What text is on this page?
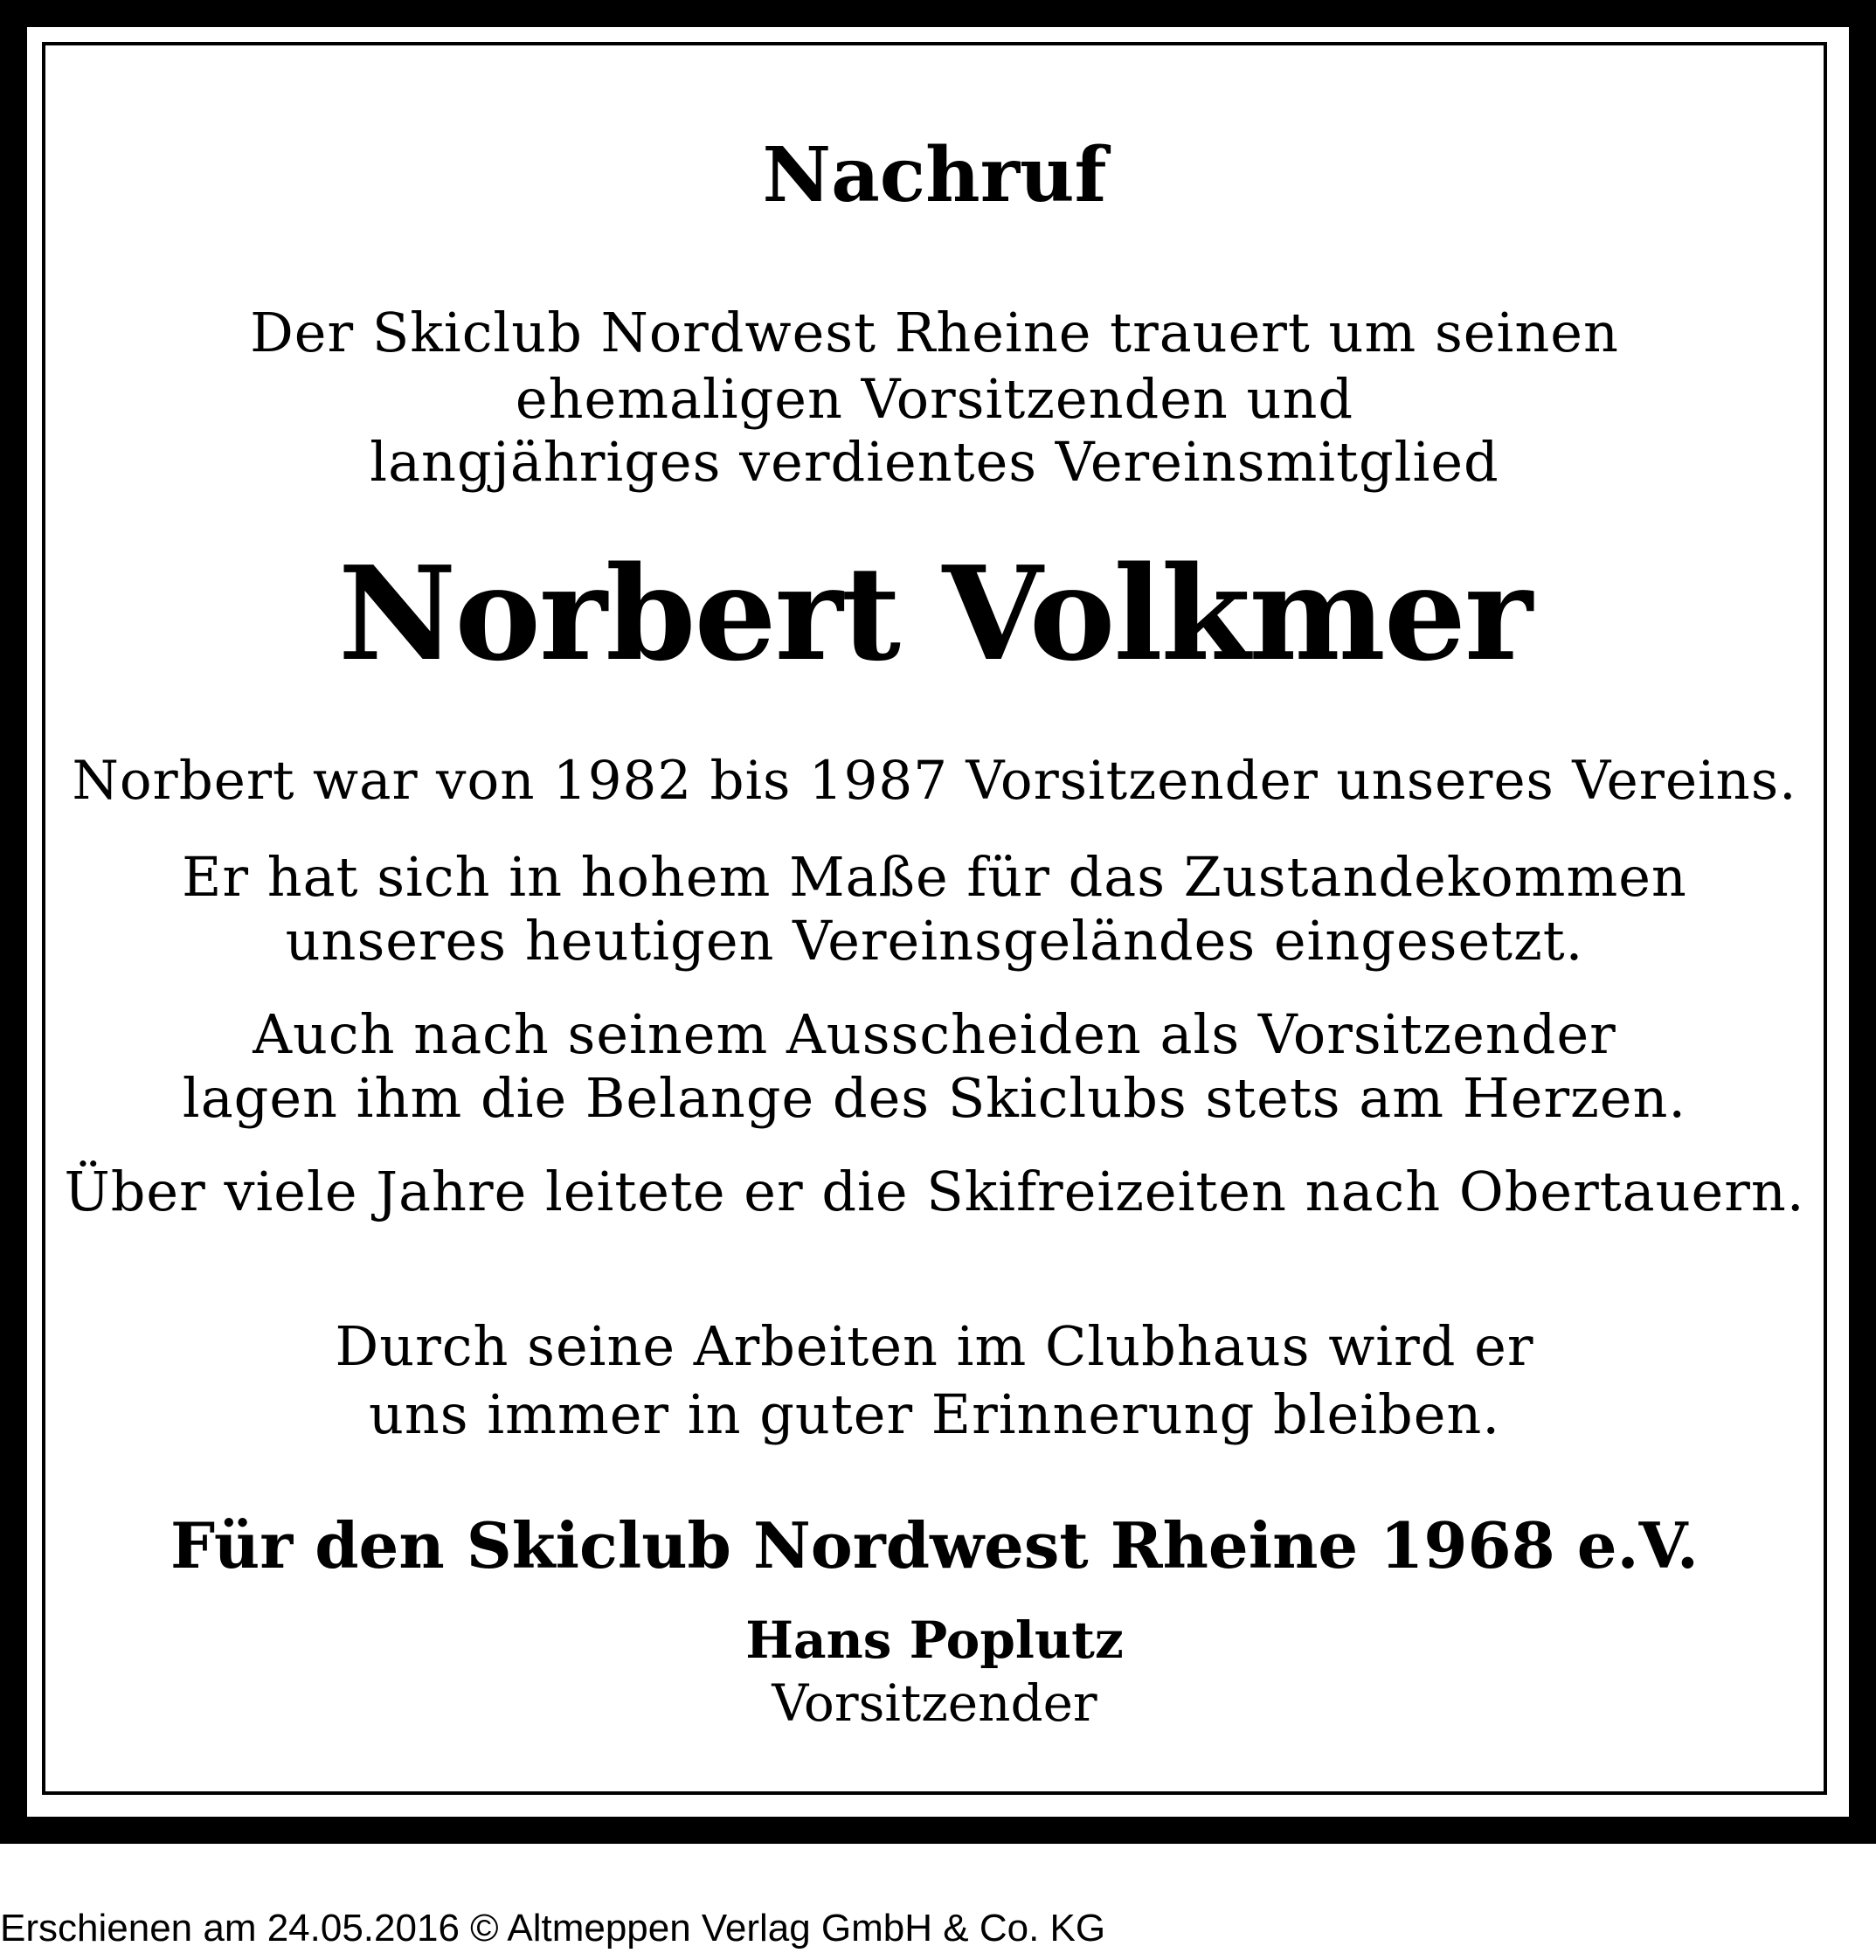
Nachruf
Der Skiclub Nordwest Rheine trauert um seinen
ehemaligen Vorsitzenden und
langjähriges verdientes Vereinsmitglied
Norbert Volkmer
Norbert war von 1982 bis 1987 Vorsitzender unseres Vereins.
Er hat sich in hohem Maße für das Zustandekommen
unseres heutigen Vereinsgeländes eingesetzt.
Auch nach seinem Ausscheiden als Vorsitzender
lagen ihm die Belange des Skiclubs stets am Herzen.
Über viele Jahre leitete er die Skifreizeiten nach Obertauern.
Durch seine Arbeiten im Clubhaus wird er
uns immer in guter Erinnerung bleiben.
Für den Skiclub Nordwest Rheine 1968 e.V.
Hans Poplutz
Vorsitzender
Erschienen am 24.05.2016 © Altmeppen Verlag GmbH & Co. KG
